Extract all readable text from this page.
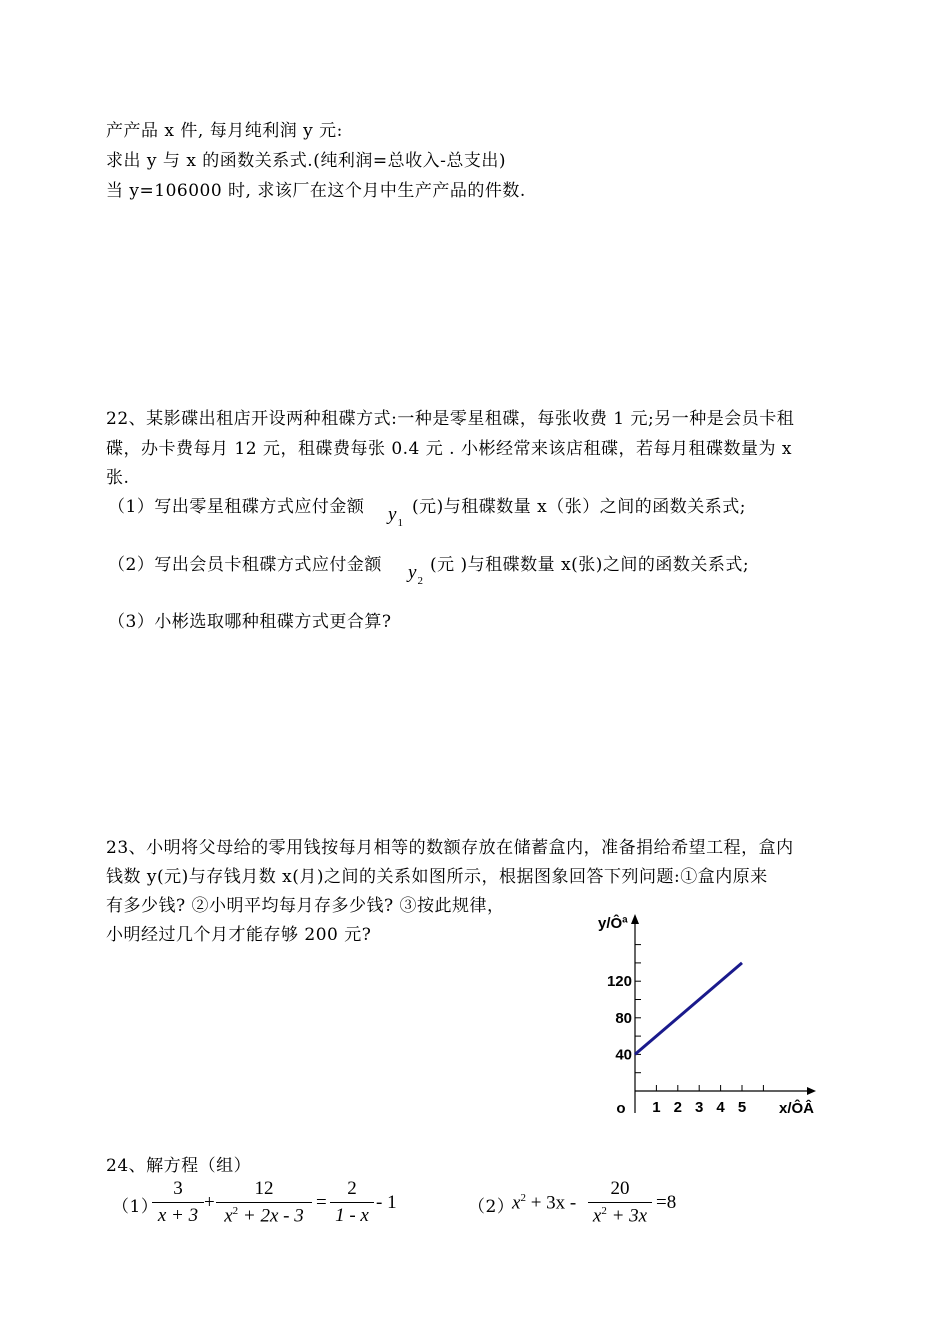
产产品 x 件, 每月纯利润 y 元:
求出 y 与 x 的函数关系式.(纯利润=总收入-总支出)
当 y=106000 时, 求该厂在这个月中生产产品的件数.
22、某影碟出租店开设两种租碟方式:一种是零星租碟，每张收费 1 元;另一种是会员卡租
碟，办卡费每月 12 元，租碟费每张 0.4 元 . 小彬经常来该店租碟，若每月租碟数量为 x
张.
（1）写出零星租碟方式应付金额 $y_1$
(元)与租碟数量 x（张）之间的函数关系式;
（2）写出会员卡租碟方式应付金额 $y_2$
(元 )与租碟数量 x(张)之间的函数关系式;
（3）小彬选取哪种租碟方式更合算?
23、小明将父母给的零用钱按每月相等的数额存放在储蓄盒内，准备捐给希望工程，盒内
钱数 y(元)与存钱月数 x(月)之间的关系如图所示，根据图象回答下列问题:①盒内原来
有多少钱? ②小明平均每月存多少钱? ③按此规律，
小明经过几个月才能存够 200 元?
1 2 3 4 5
40
80
120
o
y/Ôª
x/ÔÂ
24、解方程（组）
（1）
$\frac{3}{x + 3} + \frac{12}{x^2 + 2x - 3} = \frac{2}{1 - x} - 1$	（2）
$x^2 + 3x - \frac{20}{x^2 + 3x} =8$
